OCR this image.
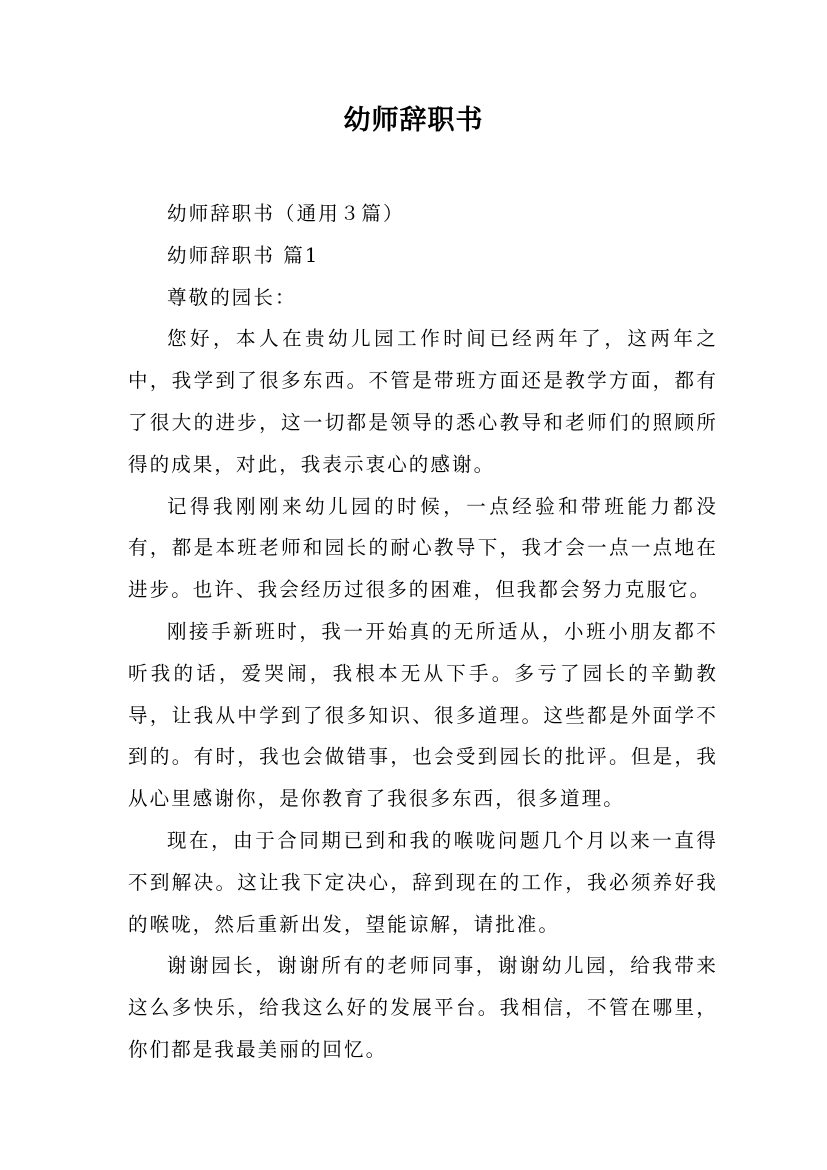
幼师辞职书

幼师辞职书（通用３篇）

幼师辞职书 篇1

尊敬的园长：

您好，本人在贵幼儿园工作时间已经两年了，这两年之中，我学到了很多东西。不管是带班方面还是教学方面，都有了很大的进步，这一切都是领导的悉心教导和老师们的照顾所得的成果，对此，我表示衷心的感谢。

记得我刚刚来幼儿园的时候，一点经验和带班能力都没有，都是本班老师和园长的耐心教导下，我才会一点一点地在进步。也许、我会经历过很多的困难，但我都会努力克服它。

刚接手新班时，我一开始真的无所适从，小班小朋友都不听我的话，爱哭闹，我根本无从下手。多亏了园长的辛勤教导，让我从中学到了很多知识、很多道理。这些都是外面学不到的。有时，我也会做错事，也会受到园长的批评。但是，我从心里感谢你，是你教育了我很多东西，很多道理。

现在，由于合同期已到和我的喉咙问题几个月以来一直得不到解决。这让我下定决心，辞到现在的工作，我必须养好我的喉咙，然后重新出发，望能谅解，请批准。

谢谢园长，谢谢所有的老师同事，谢谢幼儿园，给我带来这么多快乐，给我这么好的发展平台。我相信，不管在哪里，你们都是我最美丽的回忆。
